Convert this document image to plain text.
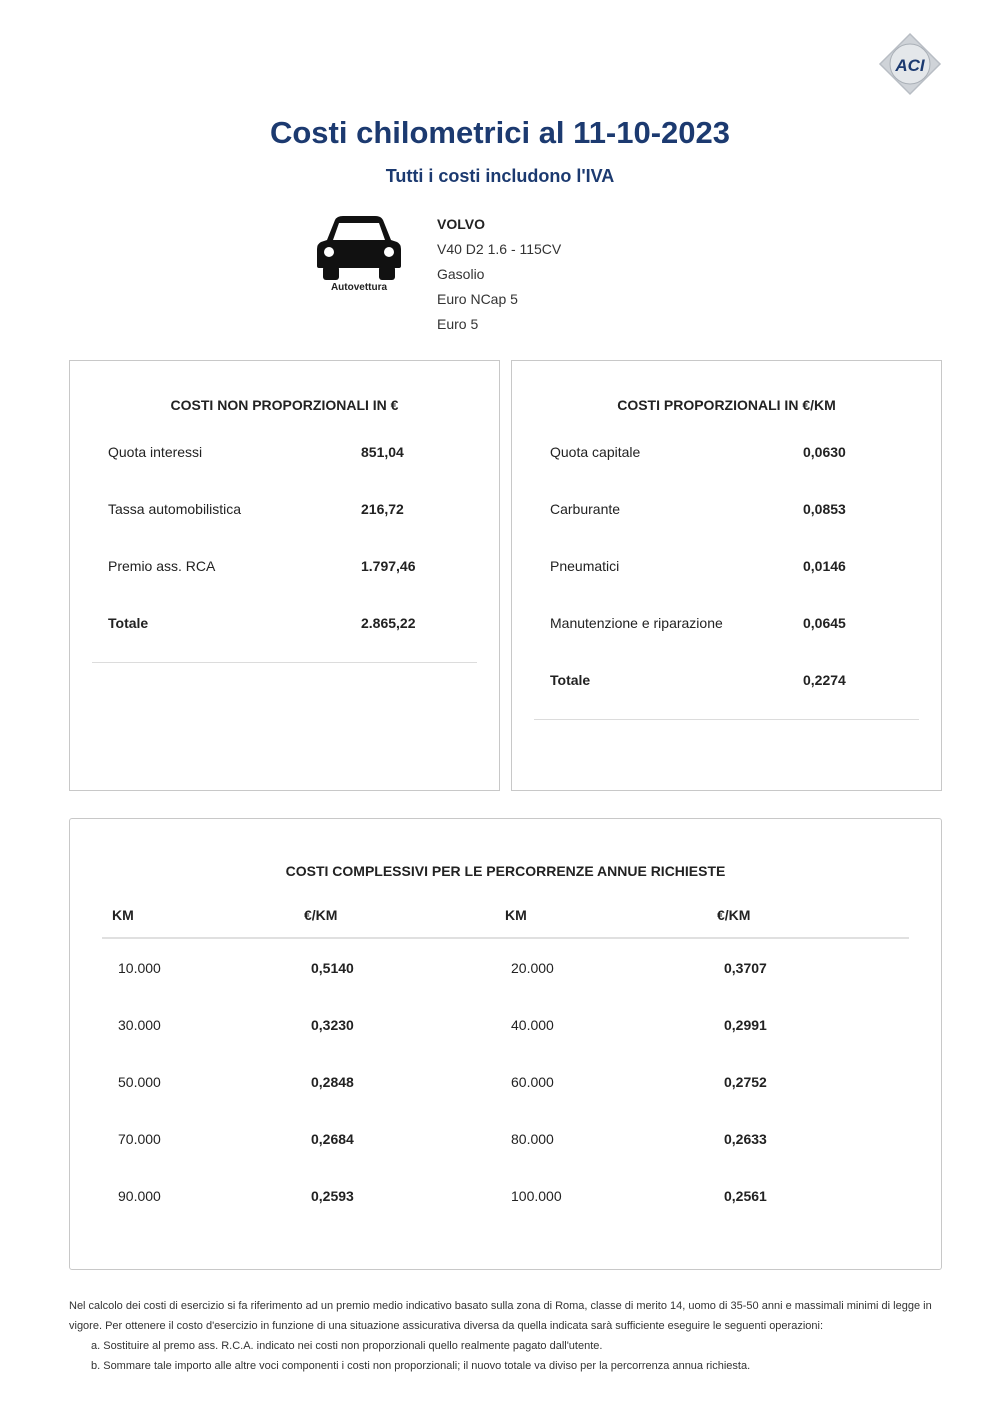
ACI
Costi chilometrici al 11-10-2023
Tutti i costi includono l'IVA
Autovettura
VOLVO
V40 D2 1.6 - 115CV
Gasolio
Euro NCap 5
Euro 5
COSTI NON PROPORZIONALI IN €
Quota interessi	851,04
Tassa automobilistica	216,72
Premio ass. RCA	1.797,46
Totale	2.865,22
COSTI PROPORZIONALI IN €/KM
Quota capitale	0,0630
Carburante	0,0853
Pneumatici	0,0146
Manutenzione e riparazione	0,0645
Totale	0,2274
COSTI COMPLESSIVI PER LE PERCORRENZE ANNUE RICHIESTE
KM	€/KM	KM	€/KM
10.000	0,5140	20.000	0,3707
30.000	0,3230	40.000	0,2991
50.000	0,2848	60.000	0,2752
70.000	0,2684	80.000	0,2633
90.000	0,2593	100.000	0,2561

Nel calcolo dei costi di esercizio si fa riferimento ad un premio medio indicativo basato sulla zona di Roma, classe di merito 14, uomo di 35-50 anni e massimali minimi di legge in vigore. Per ottenere il costo d'esercizio in funzione di una situazione assicurativa diversa da quella indicata sarà sufficiente eseguire le seguenti operazioni:

a. Sostituire al premo ass. R.C.A. indicato nei costi non proporzionali quello realmente pagato dall'utente.
b. Sommare tale importo alle altre voci componenti i costi non proporzionali; il nuovo totale va diviso per la percorrenza annua richiesta.
